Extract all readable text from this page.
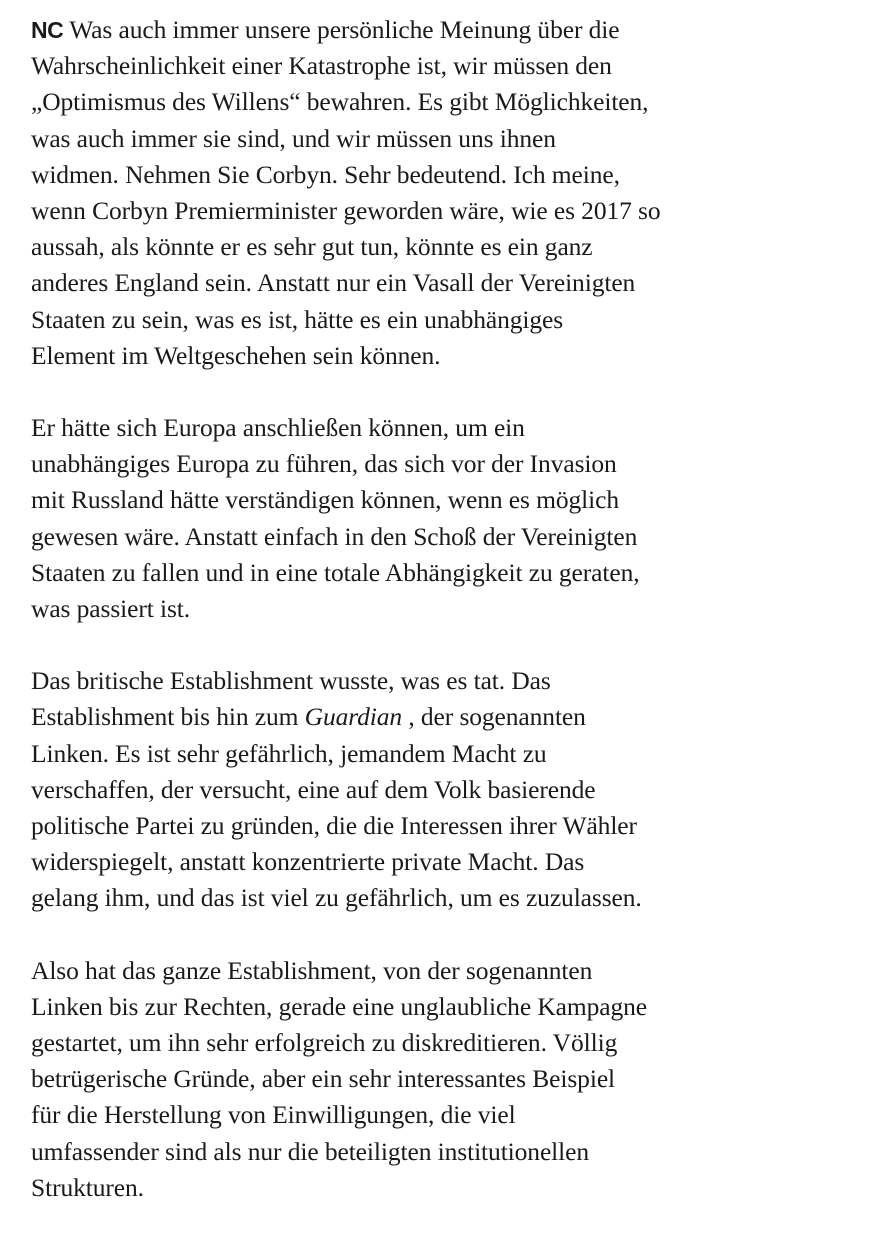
NC Was auch immer unsere persönliche Meinung über die
Wahrscheinlichkeit einer Katastrophe ist, wir müssen den
„Optimismus des Willens“ bewahren. Es gibt Möglichkeiten,
was auch immer sie sind, und wir müssen uns ihnen
widmen. Nehmen Sie Corbyn. Sehr bedeutend. Ich meine,
wenn Corbyn Premierminister geworden wäre, wie es 2017 so
aussah, als könnte er es sehr gut tun, könnte es ein ganz
anderes England sein. Anstatt nur ein Vasall der Vereinigten
Staaten zu sein, was es ist, hätte es ein unabhängiges
Element im Weltgeschehen sein können.

Er hätte sich Europa anschließen können, um ein
unabhängiges Europa zu führen, das sich vor der Invasion
mit Russland hätte verständigen können, wenn es möglich
gewesen wäre. Anstatt einfach in den Schoß der Vereinigten
Staaten zu fallen und in eine totale Abhängigkeit zu geraten,
was passiert ist.

Das britische Establishment wusste, was es tat. Das
Establishment bis hin zum Guardian , der sogenannten
Linken. Es ist sehr gefährlich, jemandem Macht zu
verschaffen, der versucht, eine auf dem Volk basierende
politische Partei zu gründen, die die Interessen ihrer Wähler
widerspiegelt, anstatt konzentrierte private Macht. Das
gelang ihm, und das ist viel zu gefährlich, um es zuzulassen.

Also hat das ganze Establishment, von der sogenannten
Linken bis zur Rechten, gerade eine unglaubliche Kampagne
gestartet, um ihn sehr erfolgreich zu diskreditieren. Völlig
betrügerische Gründe, aber ein sehr interessantes Beispiel
für die Herstellung von Einwilligungen, die viel
umfassender sind als nur die beteiligten institutionellen
Strukturen.
